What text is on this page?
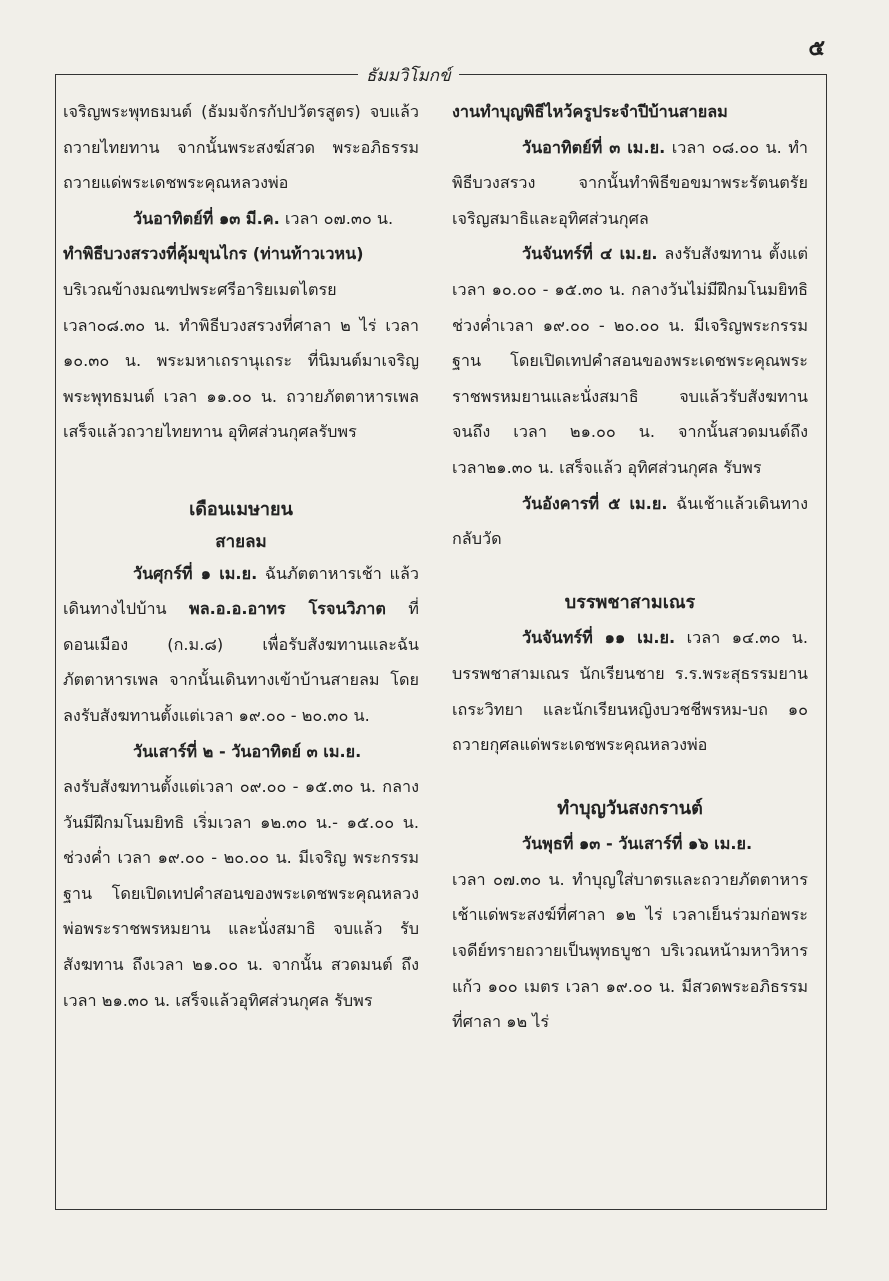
๕
ธัมมวิโมกข์

เจริญพระพุทธมนต์ (ธัมมจักรกัปปวัตรสูตร) จบแล้ว ถวายไทยทาน จากนั้นพระสงฆ์สวด พระอภิธรรมถวายแด่พระเดชพระคุณหลวงพ่อ

วันอาทิตย์ที่ ๑๓ มี.ค. เวลา ๐๗.๓๐ น.

ทำพิธีบวงสรวงที่คุ้มขุนไกร (ท่านท้าวเวหน)

บริเวณข้างมณฑปพระศรีอาริยเมตไตรย เวลา๐๘.๓๐ น. ทำพิธีบวงสรวงที่ศาลา ๒ ไร่ เวลา ๑๐.๓๐ น. พระมหาเถรานุเถระ ที่นิมนต์มาเจริญพระพุทธมนต์ เวลา ๑๑.๐๐ น. ถวายภัตตาหารเพล เสร็จแล้วถวายไทยทาน อุทิศส่วนกุศลรับพร

เดือนเมษายน

สายลม

วันศุกร์ที่ ๑ เม.ย. ฉันภัตตาหารเช้า แล้วเดินทางไปบ้าน พล.อ.อ.อาทร โรจนวิภาต ที่ดอนเมือง (ก.ม.๘) เพื่อรับสังฆทานและฉันภัตตาหารเพล จากนั้นเดินทางเข้าบ้านสายลม โดยลงรับสังฆทานตั้งแต่เวลา ๑๙.๐๐ - ๒๐.๓๐ น.

วันเสาร์ที่ ๒ - วันอาทิตย์ ๓ เม.ย.

ลงรับสังฆทานตั้งแต่เวลา ๐๙.๐๐ - ๑๕.๓๐ น. กลางวันมีฝึกมโนมยิทธิ เริ่มเวลา ๑๒.๓๐ น.- ๑๕.๐๐ น. ช่วงค่ำ เวลา ๑๙.๐๐ - ๒๐.๐๐ น. มีเจริญ พระกรรมฐาน โดยเปิดเทปคำสอนของพระเดชพระคุณหลวงพ่อพระราชพรหมยาน และนั่งสมาธิ จบแล้ว รับสังฆทาน ถึงเวลา ๒๑.๐๐ น. จากนั้น สวดมนต์ ถึงเวลา ๒๑.๓๐ น. เสร็จแล้วอุทิศส่วนกุศล รับพร

งานทำบุญพิธีไหว้ครูประจำปีบ้านสายลม

วันอาทิตย์ที่ ๓ เม.ย. เวลา ๐๘.๐๐ น. ทำพิธีบวงสรวง จากนั้นทำพิธีขอขมาพระรัตนตรัย เจริญสมาธิและอุทิศส่วนกุศล

วันจันทร์ที่ ๔ เม.ย. ลงรับสังฆทาน ตั้งแต่เวลา ๑๐.๐๐ - ๑๕.๓๐ น. กลางวันไม่มีฝึกมโนมยิทธิ ช่วงค่ำเวลา ๑๙.๐๐ - ๒๐.๐๐ น. มีเจริญพระกรรมฐาน โดยเปิดเทปคำสอนของพระเดชพระคุณพระราชพรหมยานและนั่งสมาธิ จบแล้วรับสังฆทานจนถึง เวลา ๒๑.๐๐ น. จากนั้นสวดมนต์ถึงเวลา๒๑.๓๐ น. เสร็จแล้ว อุทิศส่วนกุศล รับพร

วันอังคารที่ ๕ เม.ย. ฉันเช้าแล้วเดินทางกลับวัด

บรรพชาสามเณร

วันจันทร์ที่ ๑๑ เม.ย. เวลา ๑๔.๓๐ น. บรรพชาสามเณร นักเรียนชาย ร.ร.พระสุธรรมยานเถระวิทยา และนักเรียนหญิงบวชชีพรหม-บถ ๑๐ ถวายกุศลแด่พระเดชพระคุณหลวงพ่อ

ทำบุญวันสงกรานต์

วันพุธที่ ๑๓ - วันเสาร์ที่ ๑๖ เม.ย.

เวลา ๐๗.๓๐ น. ทำบุญใส่บาตรและถวายภัตตาหารเช้าแด่พระสงฆ์ที่ศาลา ๑๒ ไร่ เวลาเย็นร่วมก่อพระเจดีย์ทรายถวายเป็นพุทธบูชา บริเวณหน้ามหาวิหารแก้ว ๑๐๐ เมตร เวลา ๑๙.๐๐ น. มีสวดพระอภิธรรมที่ศาลา ๑๒ ไร่
